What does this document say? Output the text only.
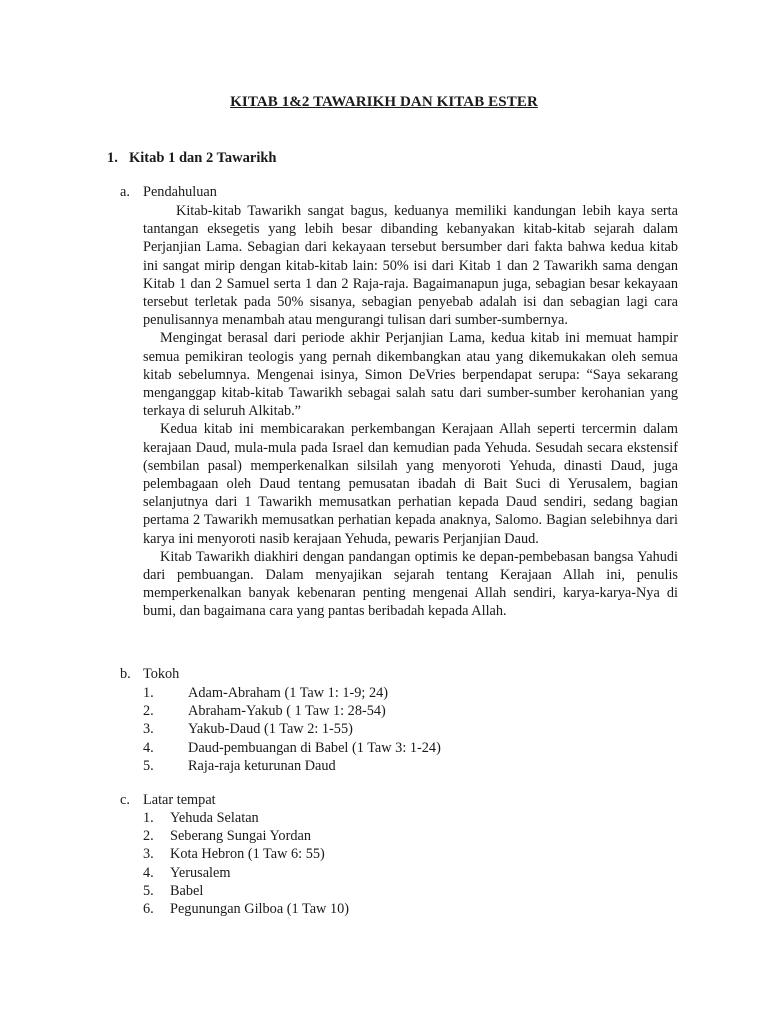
KITAB 1&2 TAWARIKH DAN KITAB ESTER
1. Kitab 1 dan 2 Tawarikh
a. Pendahuluan

Kitab-kitab Tawarikh sangat bagus, keduanya memiliki kandungan lebih kaya serta tantangan eksegetis yang lebih besar dibanding kebanyakan kitab-kitab sejarah dalam Perjanjian Lama. Sebagian dari kekayaan tersebut bersumber dari fakta bahwa kedua kitab ini sangat mirip dengan kitab-kitab lain: 50% isi dari Kitab 1 dan 2 Tawarikh sama dengan Kitab 1 dan 2 Samuel serta 1 dan 2 Raja-raja. Bagaimanapun juga, sebagian besar kekayaan tersebut terletak pada 50% sisanya, sebagian penyebab adalah isi dan sebagian lagi cara penulisannya menambah atau mengurangi tulisan dari sumber-sumbernya.

Mengingat berasal dari periode akhir Perjanjian Lama, kedua kitab ini memuat hampir semua pemikiran teologis yang pernah dikembangkan atau yang dikemukakan oleh semua kitab sebelumnya. Mengenai isinya, Simon DeVries berpendapat serupa: “Saya sekarang menganggap kitab-kitab Tawarikh sebagai salah satu dari sumber-sumber kerohanian yang terkaya di seluruh Alkitab.”

Kedua kitab ini membicarakan perkembangan Kerajaan Allah seperti tercermin dalam kerajaan Daud, mula-mula pada Israel dan kemudian pada Yehuda. Sesudah secara ekstensif (sembilan pasal) memperkenalkan silsilah yang menyoroti Yehuda, dinasti Daud, juga pelembagaan oleh Daud tentang pemusatan ibadah di Bait Suci di Yerusalem, bagian selanjutnya dari 1 Tawarikh memusatkan perhatian kepada Daud sendiri, sedang bagian pertama 2 Tawarikh memusatkan perhatian kepada anaknya, Salomo. Bagian selebihnya dari karya ini menyoroti nasib kerajaan Yehuda, pewaris Perjanjian Daud.

Kitab Tawarikh diakhiri dengan pandangan optimis ke depan-pembebasan bangsa Yahudi dari pembuangan. Dalam menyajikan sejarah tentang Kerajaan Allah ini, penulis memperkenalkan banyak kebenaran penting mengenai Allah sendiri, karya-karya-Nya di bumi, dan bagaimana cara yang pantas beribadah kepada Allah.

b. Tokoh
1. Adam-Abraham (1 Taw 1: 1-9; 24)
2. Abraham-Yakub ( 1 Taw 1: 28-54)
3. Yakub-Daud (1 Taw 2: 1-55)
4. Daud-pembuangan di Babel (1 Taw 3: 1-24)
5. Raja-raja keturunan Daud
c. Latar tempat
1. Yehuda Selatan
2. Seberang Sungai Yordan
3. Kota Hebron (1 Taw 6: 55)
4. Yerusalem
5. Babel
6. Pegunungan Gilboa (1 Taw 10)
